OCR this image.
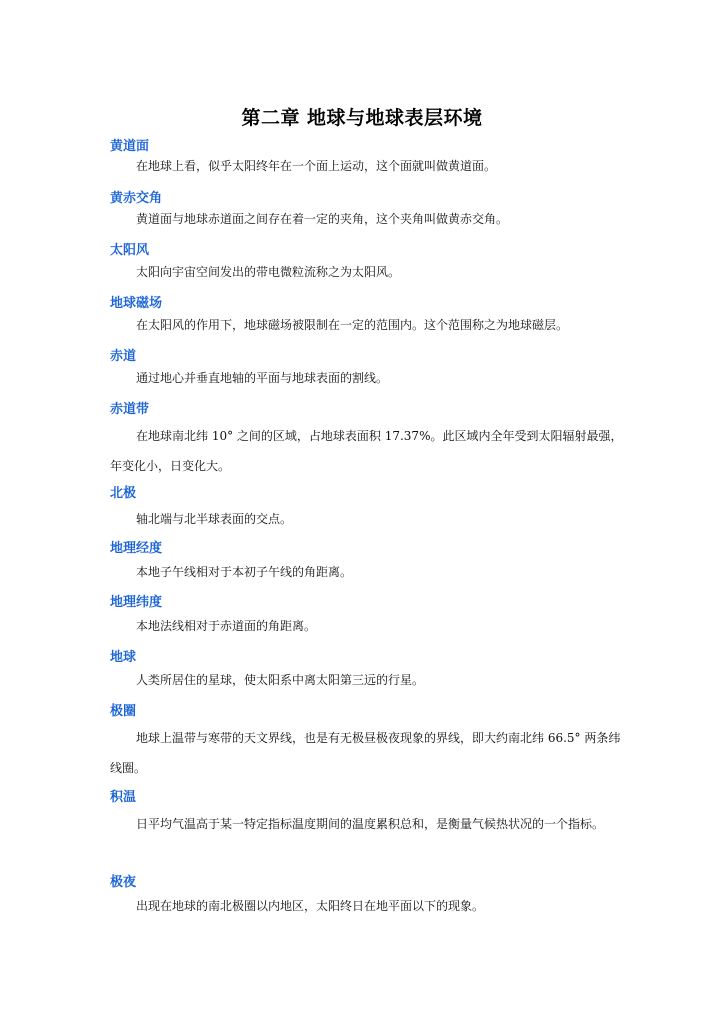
第二章 地球与地球表层环境
黄道面
在地球上看，似乎太阳终年在一个面上运动，这个面就叫做黄道面。
黄赤交角
黄道面与地球赤道面之间存在着一定的夹角，这个夹角叫做黄赤交角。
太阳风
太阳向宇宙空间发出的带电微粒流称之为太阳风。
地球磁场
在太阳风的作用下，地球磁场被限制在一定的范围内。这个范围称之为地球磁层。
赤道
通过地心并垂直地轴的平面与地球表面的割线。
赤道带
在地球南北纬 10° 之间的区域，占地球表面积 17.37%。此区域内全年受到太阳辐射最强，年变化小，日变化大。
北极
轴北端与北半球表面的交点。
地理经度
本地子午线相对于本初子午线的角距离。
地理纬度
本地法线相对于赤道面的角距离。
地球
人类所居住的星球，使太阳系中离太阳第三远的行星。
极圈
地球上温带与寒带的天文界线，也是有无极昼极夜现象的界线，即大约南北纬 66.5° 两条纬线圈。
积温
日平均气温高于某一特定指标温度期间的温度累积总和，是衡量气候热状况的一个指标。
极夜
出现在地球的南北极圈以内地区，太阳终日在地平面以下的现象。
